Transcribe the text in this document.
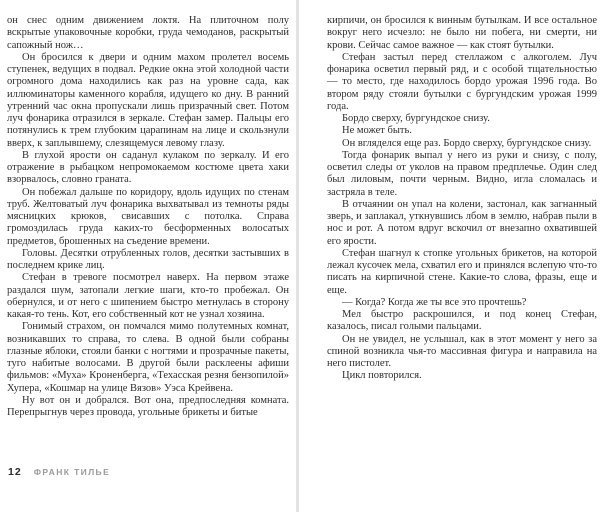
он снес одним движением локтя. На плиточном полу вскрытые упаковочные коробки, груда чемоданов, раскрытый сапожный нож…

Он бросился к двери и одним махом пролетел восемь ступенек, ведущих в подвал. Редкие окна этой холодной части огромного дома находились как раз на уровне сада, как иллюминаторы каменного корабля, идущего ко дну. В ранний утренний час окна пропускали лишь призрачный свет. Потом луч фонарика отразился в зеркале. Стефан замер. Пальцы его потянулись к трем глубоким царапинам на лице и скользнули вверх, к заплывшему, слезящемуся левому глазу.

В глухой ярости он саданул кулаком по зеркалу. И его отражение в рыбацком непромокаемом костюме цвета хаки взорвалось, словно граната.

Он побежал дальше по коридору, вдоль идущих по стенам труб. Желтоватый луч фонарика выхватывал из темноты ряды мясницких крюков, свисавших с потолка. Справа громоздилась груда каких-то бесформенных волосатых предметов, брошенных на съедение времени.

Головы. Десятки отрубленных голов, десятки застывших в последнем крике лиц.

Стефан в тревоге посмотрел наверх. На первом этаже раздался шум, затопали легкие шаги, кто-то пробежал. Он обернулся, и от него с шипением быстро метнулась в сторону какая-то тень. Кот, его собственный кот не узнал хозяина.

Гонимый страхом, он помчался мимо полутемных комнат, возникавших то справа, то слева. В одной были собраны глазные яблоки, стояли банки с ногтями и прозрачные пакеты, туго набитые волосами. В другой были расклеены афиши фильмов: «Муха» Кроненберга, «Техасская резня бензопилой» Хупера, «Кошмар на улице Вязов» Уэса Крейвена.

Ну вот он и добрался. Вот она, предпоследняя комната. Перепрыгнув через провода, угольные брикеты и битые

12 ФРАНК ТИЛЬЕ

кирпичи, он бросился к винным бутылкам. И все остальное вокруг него исчезло: не было ни побега, ни смерти, ни крови. Сейчас самое важное — как стоят бутылки.

Стефан застыл перед стеллажом с алкоголем. Луч фонарика осветил первый ряд, и с особой тщательностью — то место, где находилось бордо урожая 1996 года. Во втором ряду стояли бутылки с бургундским урожая 1999 года.

Бордо сверху, бургундское снизу.

Не может быть.

Он вгляделся еще раз. Бордо сверху, бургундское снизу.

Тогда фонарик выпал у него из руки и снизу, с полу, осветил следы от уколов на правом предплечье. Один след был лиловым, почти черным. Видно, игла сломалась и застряла в теле.

В отчаянии он упал на колени, застонал, как загнанный зверь, и заплакал, уткнувшись лбом в землю, набрав пыли в нос и рот. А потом вдруг вскочил от внезапно охватившей его ярости.

Стефан шагнул к стопке угольных брикетов, на которой лежал кусочек мела, схватил его и принялся вслепую что-то писать на кирпичной стене. Какие-то слова, фразы, еще и еще.

— Когда? Когда же ты все это прочтешь?

Мел быстро раскрошился, и под конец Стефан, казалось, писал голыми пальцами.

Он не увидел, не услышал, как в этот момент у него за спиной возникла чья-то массивная фигура и направила на него пистолет.

Цикл повторился.
